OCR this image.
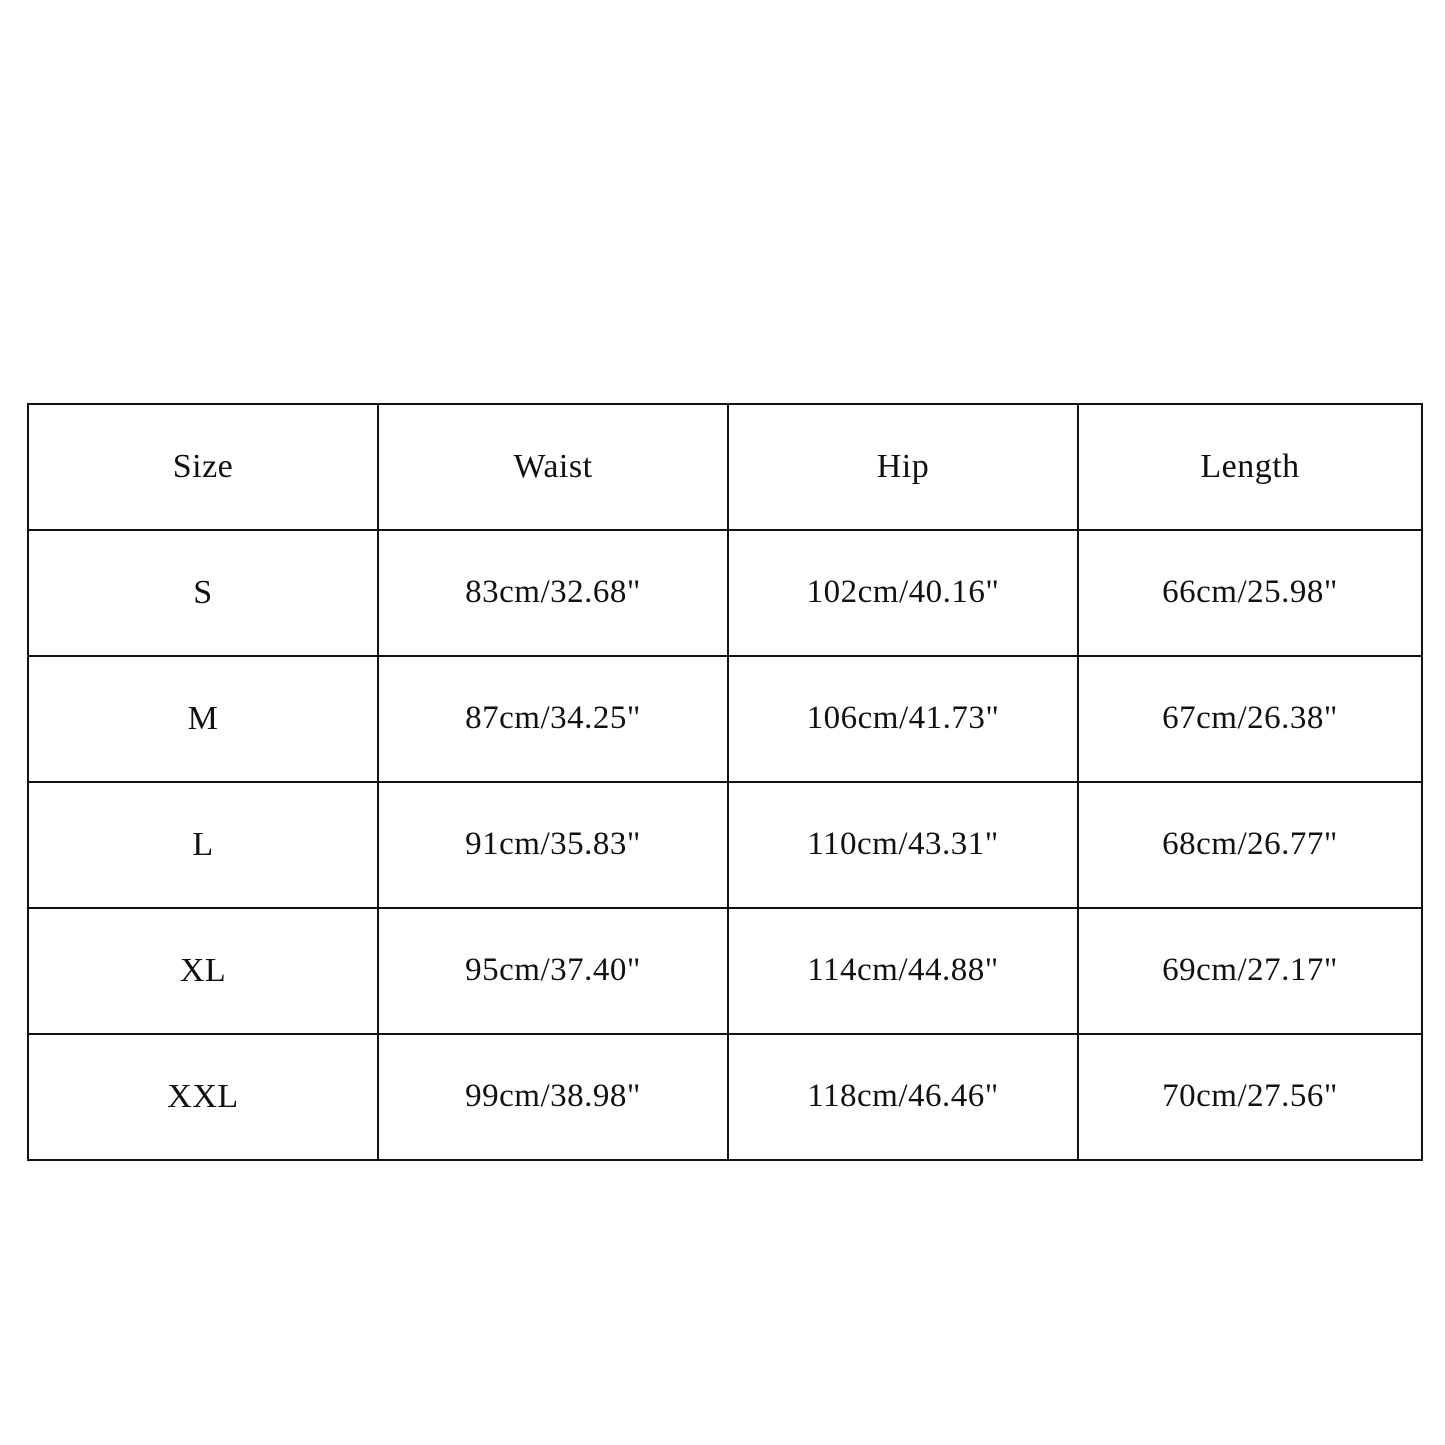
Size	Waist	Hip	Length
S	83cm/32.68"	102cm/40.16"	66cm/25.98"
M	87cm/34.25"	106cm/41.73"	67cm/26.38"
L	91cm/35.83"	110cm/43.31"	68cm/26.77"
XL	95cm/37.40"	114cm/44.88"	69cm/27.17"
XXL	99cm/38.98"	118cm/46.46"	70cm/27.56"
